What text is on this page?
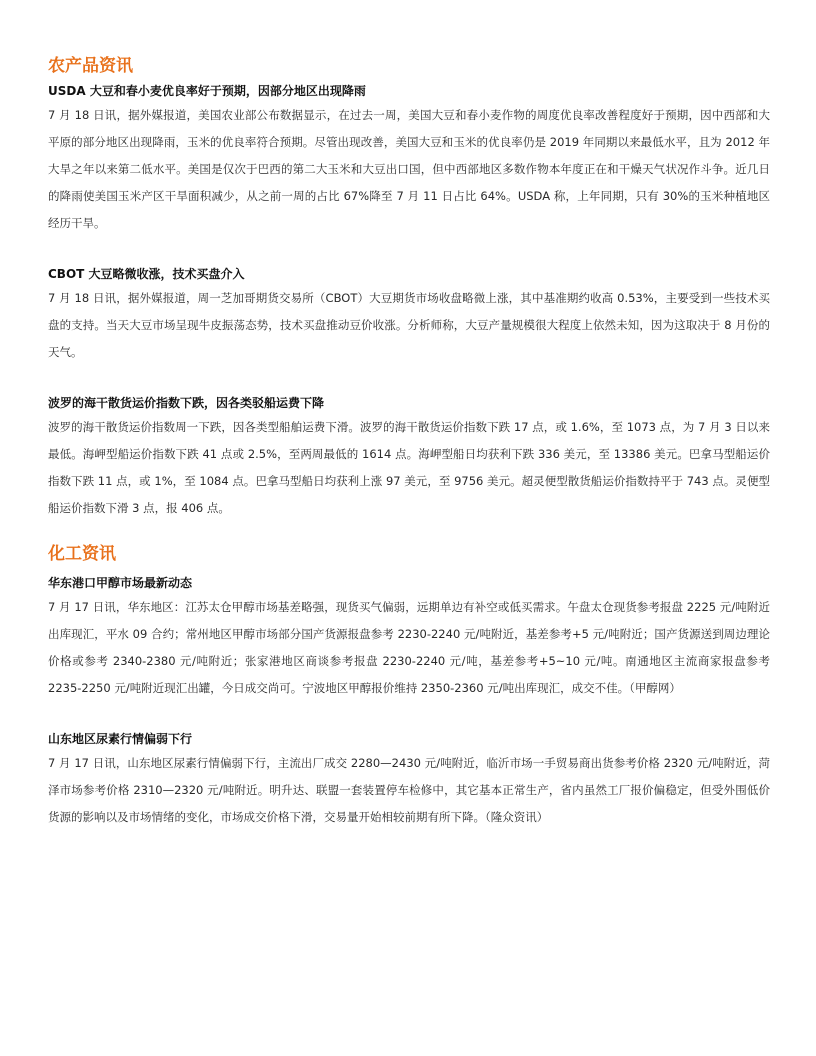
农产品资讯
USDA 大豆和春小麦优良率好于预期，因部分地区出现降雨

7 月 18 日讯，据外媒报道，美国农业部公布数据显示，在过去一周，美国大豆和春小麦作物的周度优良率改善程度好于预期，因中西部和大平原的部分地区出现降雨，玉米的优良率符合预期。尽管出现改善，美国大豆和玉米的优良率仍是 2019 年同期以来最低水平，且为 2012 年大旱之年以来第二低水平。美国是仅次于巴西的第二大玉米和大豆出口国，但中西部地区多数作物本年度正在和干燥天气状况作斗争。近几日的降雨使美国玉米产区干旱面积减少，从之前一周的占比 67%降至 7 月 11 日占比 64%。USDA 称，上年同期，只有 30%的玉米种植地区经历干旱。

CBOT 大豆略微收涨，技术买盘介入

7 月 18 日讯，据外媒报道，周一芝加哥期货交易所（CBOT）大豆期货市场收盘略微上涨，其中基准期约收高 0.53%，主要受到一些技术买盘的支持。当天大豆市场呈现牛皮振荡态势，技术买盘推动豆价收涨。分析师称，大豆产量规模很大程度上依然未知，因为这取决于 8 月份的天气。

波罗的海干散货运价指数下跌，因各类驳船运费下降

波罗的海干散货运价指数周一下跌，因各类型船舶运费下滑。波罗的海干散货运价指数下跌 17 点，或 1.6%，至 1073 点，为 7 月 3 日以来最低。海岬型船运价指数下跌 41 点或 2.5%，至两周最低的 1614 点。海岬型船日均获利下跌 336 美元，至 13386 美元。巴拿马型船运价指数下跌 11 点，或 1%，至 1084 点。巴拿马型船日均获利上涨 97 美元，至 9756 美元。超灵便型散货船运价指数持平于 743 点。灵便型船运价指数下滑 3 点，报 406 点。

化工资讯
华东港口甲醇市场最新动态

7 月 17 日讯，华东地区：江苏太仓甲醇市场基差略强，现货买气偏弱，远期单边有补空或低买需求。午盘太仓现货参考报盘 2225 元/吨附近出库现汇，平水 09 合约；常州地区甲醇市场部分国产货源报盘参考 2230-2240 元/吨附近，基差参考+5 元/吨附近；国产货源送到周边理论价格或参考 2340-2380 元/吨附近；张家港地区商谈参考报盘 2230-2240 元/吨，基差参考+5~10 元/吨。南通地区主流商家报盘参考 2235-2250 元/吨附近现汇出罐，今日成交尚可。宁波地区甲醇报价维持 2350-2360 元/吨出库现汇，成交不佳。（甲醇网）

山东地区尿素行情偏弱下行

7 月 17 日讯，山东地区尿素行情偏弱下行，主流出厂成交 2280—2430 元/吨附近，临沂市场一手贸易商出货参考价格 2320 元/吨附近，菏泽市场参考价格 2310—2320 元/吨附近。明升达、联盟一套装置停车检修中，其它基本正常生产，省内虽然工厂报价偏稳定，但受外围低价货源的影响以及市场情绪的变化，市场成交价格下滑，交易量开始相较前期有所下降。（隆众资讯）
